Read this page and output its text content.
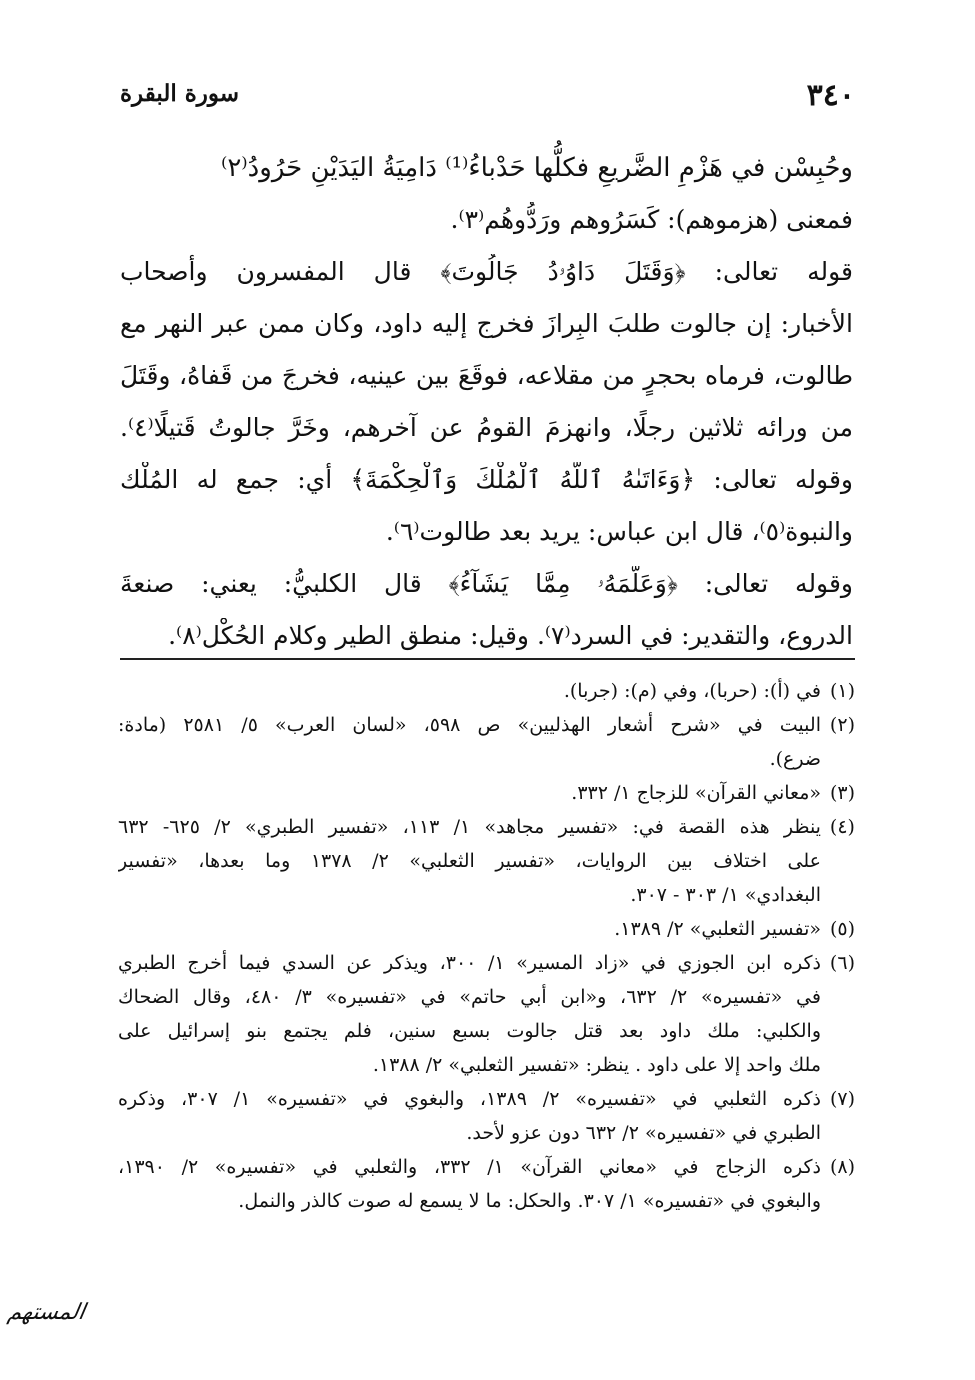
٣٤٠
سورة البقرة
وحُبِسْن في هَزْمِ الضَّريعِ فكلُّها حَدْباءُ⁽¹⁾ دَامِيَةُ اليَدَيْنِ حَرُودُ⁽٢⁾
فمعنى (هزموهم): كَسَرُوهم ورَدُّوهُم⁽٣⁾.
قوله تعالى: ﴿وَقَتَلَ دَاوُۥدُ جَالُوتَ﴾ قال المفسرون وأصحاب
الأخبار: إن جالوت طلبَ البِرازَ فخرج إليه داود، وكان ممن عبر النهر مع
طالوت، فرماه بحجرٍ من مقلاعه، فوقَعَ بين عينيه، فخرجَ من قَفاهُ، وقَتَلَ
من ورائه ثلاثين رجلًا، وانهزمَ القومُ عن آخرهم، وخَرَّ جالوتُ قَتيلًا⁽٤⁾.
وقوله تعالى: ﴿وَءَاتَىٰهُ ٱللَّهُ ٱلْمُلْكَ وَٱلْحِكْمَةَ﴾ أي: جمع له المُلْك
والنبوة⁽٥⁾، قال ابن عباس: يريد بعد طالوت⁽٦⁾.
وقوله تعالى: ﴿وَعَلَّمَهُۥ مِمَّا يَشَآءُ﴾ قال الكلبيُّ: يعني: صنعةَ
الدروع، والتقدير: في السرد⁽٧⁾. وقيل: منطق الطير وكلام الحُكْل⁽٨⁾.
(١)في (أ): (حربا)، وفي (م): (جربا).
(٢)البيت في «شرح أشعار الهذليين» ص ٥٩٨، «لسان العرب» ٥/ ٢٥٨١ (مادة:
ضرع).
(٣)«معاني القرآن» للزجاج ١/ ٣٣٢.
(٤)ينظر هذه القصة في: «تفسير مجاهد» ١/ ١١٣، «تفسير الطبري» ٢/ ٦٢٥- ٦٣٢
على اختلاف بين الروايات، «تفسير الثعلبي» ٢/ ١٣٧٨ وما بعدها، «تفسير
البغدادي» ١/ ٣٠٣ - ٣٠٧.
(٥)«تفسير الثعلبي» ٢/ ١٣٨٩.
(٦)ذكره ابن الجوزي في «زاد المسير» ١/ ٣٠٠، ويذكر عن السدي فيما أخرج الطبري
في «تفسيره» ٢/ ٦٣٢، و«ابن أبي حاتم» في «تفسيره» ٣/ ٤٨٠، وقال الضحاك
والكلبي: ملك داود بعد قتل جالوت بسبع سنين، فلم يجتمع بنو إسرائيل على
ملك واحد إلا على داود . ينظر: «تفسير الثعلبي» ٢/ ١٣٨٨.
(٧)ذكره الثعلبي في «تفسيره» ٢/ ١٣٨٩، والبغوي في «تفسيره» ١/ ٣٠٧، وذكره
الطبري في «تفسيره» ٢/ ٦٣٢ دون عزو لأحد.
(٨)ذكره الزجاج في «معاني القرآن» ١/ ٣٣٢، والثعلبي في «تفسيره» ٢/ ١٣٩٠،
والبغوي في «تفسيره» ١/ ٣٠٧. والحكل: ما لا يسمع له صوت كالذر والنمل.
المستهم
